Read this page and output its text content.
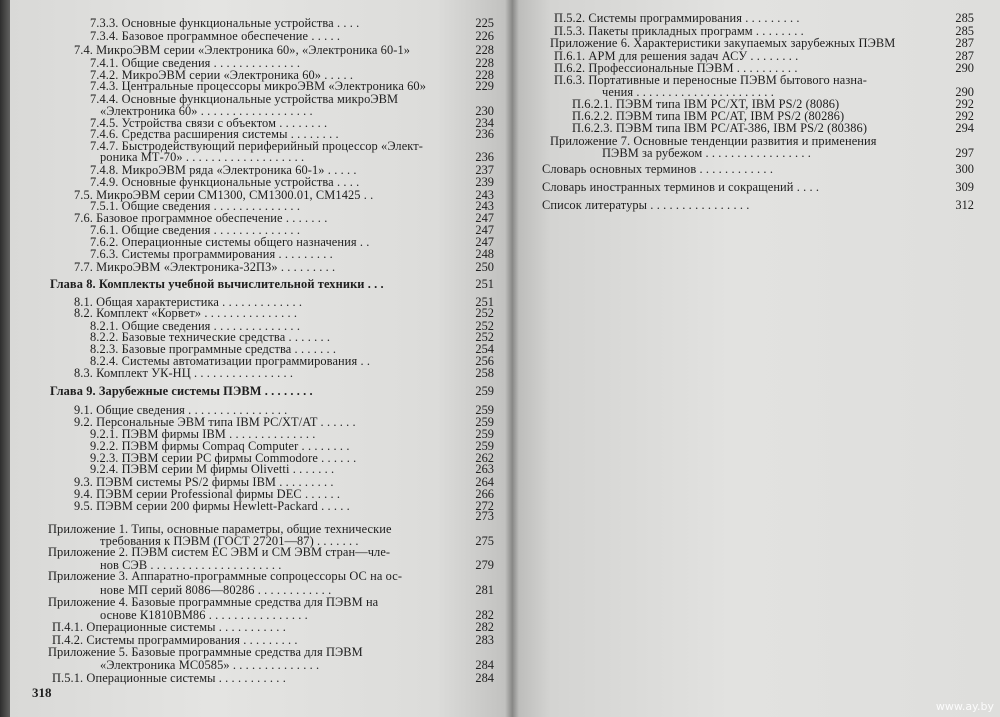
7.3.3. Основные функциональные устройства . . . .	225
7.3.4. Базовое программное обеспечение . . . . .	226
7.4. МикроЭВМ серии «Электроника 60», «Электроника 60-1»	228
7.4.1. Общие сведения . . . . . . . . . . . . . .	228
7.4.2. МикроЭВМ серии «Электроника 60» . . . . .	228
7.4.3. Центральные процессоры микроЭВМ «Электроника 60»	229
7.4.4. Основные функциональные устройства микроЭВМ
«Электроника 60» . . . . . . . . . . . . . . . . . .	230
7.4.5. Устройства связи с объектом . . . . . . . .	234
7.4.6. Средства расширения системы . . . . . . . .	236
7.4.7. Быстродействующий периферийный процессор «Элект-
роника МТ-70» . . . . . . . . . . . . . . . . . . .	236
7.4.8. МикроЭВМ ряда «Электроника 60-1» . . . . .	237
7.4.9. Основные функциональные устройства . . . .	239
7.5. МикроЭВМ серии СМ1300, СМ1300.01, СМ1425 . .	243
7.5.1. Общие сведения . . . . . . . . . . . . . .	243
7.6. Базовое программное обеспечение . . . . . . .	247
7.6.1. Общие сведения . . . . . . . . . . . . . .	247
7.6.2. Операционные системы общего назначения . .	247
7.6.3. Системы программирования . . . . . . . . .	248
7.7. МикроЭВМ «Электроника-32ПЗ» . . . . . . . . .	250
Глава 8. Комплекты учебной вычислительной техники . . .	251
8.1. Общая характеристика . . . . . . . . . . . . .	251
8.2. Комплект «Корвет» . . . . . . . . . . . . . . .	252
8.2.1. Общие сведения . . . . . . . . . . . . . .	252
8.2.2. Базовые технические средства . . . . . . .	252
8.2.3. Базовые программные средства . . . . . . .	254
8.2.4. Системы автоматизации программирования . .	256
8.3. Комплект УК-НЦ . . . . . . . . . . . . . . . .	258
Глава 9. Зарубежные системы ПЭВМ . . . . . . . .	259
9.1. Общие сведения . . . . . . . . . . . . . . . .	259
9.2. Персональные ЭВМ типа IBM PC/XT/AT . . . . . .	259
9.2.1. ПЭВМ фирмы IBM . . . . . . . . . . . . . .	259
9.2.2. ПЭВМ фирмы Compaq Computer . . . . . . . .	259
9.2.3. ПЭВМ серии PC фирмы Commodore . . . . . .	262
9.2.4. ПЭВМ серии M фирмы Olivetti . . . . . . .	263
9.3. ПЭВМ системы PS/2 фирмы IBM . . . . . . . . .	264
9.4. ПЭВМ серии Professional фирмы DEC . . . . . .	266
9.5. ПЭВМ серии 200 фирмы Hewlett-Packard . . . . .	272
273
Приложение 1. Типы, основные параметры, общие технические
требования к ПЭВМ (ГОСТ 27201—87) . . . . . . .	275
Приложение 2. ПЭВМ систем ЕС ЭВМ и СМ ЭВМ стран—чле-
нов СЭВ . . . . . . . . . . . . . . . . . . . . .	279
Приложение 3. Аппаратно-программные сопроцессоры ОС на ос-
нове МП серий 8086—80286 . . . . . . . . . . . .	281
Приложение 4. Базовые программные средства для ПЭВМ на
основе К1810ВМ86 . . . . . . . . . . . . . . . .	282
П.4.1. Операционные системы . . . . . . . . . . .	282
П.4.2. Системы программирования . . . . . . . . .	283
Приложение 5. Базовые программные средства для ПЭВМ
«Электроника МС0585» . . . . . . . . . . . . . .	284
П.5.1. Операционные системы . . . . . . . . . . .	284
318
П.5.2. Системы программирования . . . . . . . . .	285
П.5.3. Пакеты прикладных программ . . . . . . . .	285
Приложение 6. Характеристики закупаемых зарубежных ПЭВМ	287
П.6.1. АРМ для решения задач АСУ . . . . . . . .	287
П.6.2. Профессиональные ПЭВМ . . . . . . . . . .	290
П.6.3. Портативные и переносные ПЭВМ бытового назна-
чения . . . . . . . . . . . . . . . . . . . . . .	290
П.6.2.1. ПЭВМ типа IBM PC/XT, IBM PS/2 (8086)	292
П.6.2.2. ПЭВМ типа IBM PC/AT, IBM PS/2 (80286)	292
П.6.2.3. ПЭВМ типа IBM PC/AT-386, IBM PS/2 (80386)	294
Приложение 7. Основные тенденции развития и применения
ПЭВМ за рубежом . . . . . . . . . . . . . . . . .	297
Словарь основных терминов . . . . . . . . . . . .	300
Словарь иностранных терминов и сокращений . . . .	309
Список литературы . . . . . . . . . . . . . . . .	312
www.ay.by
